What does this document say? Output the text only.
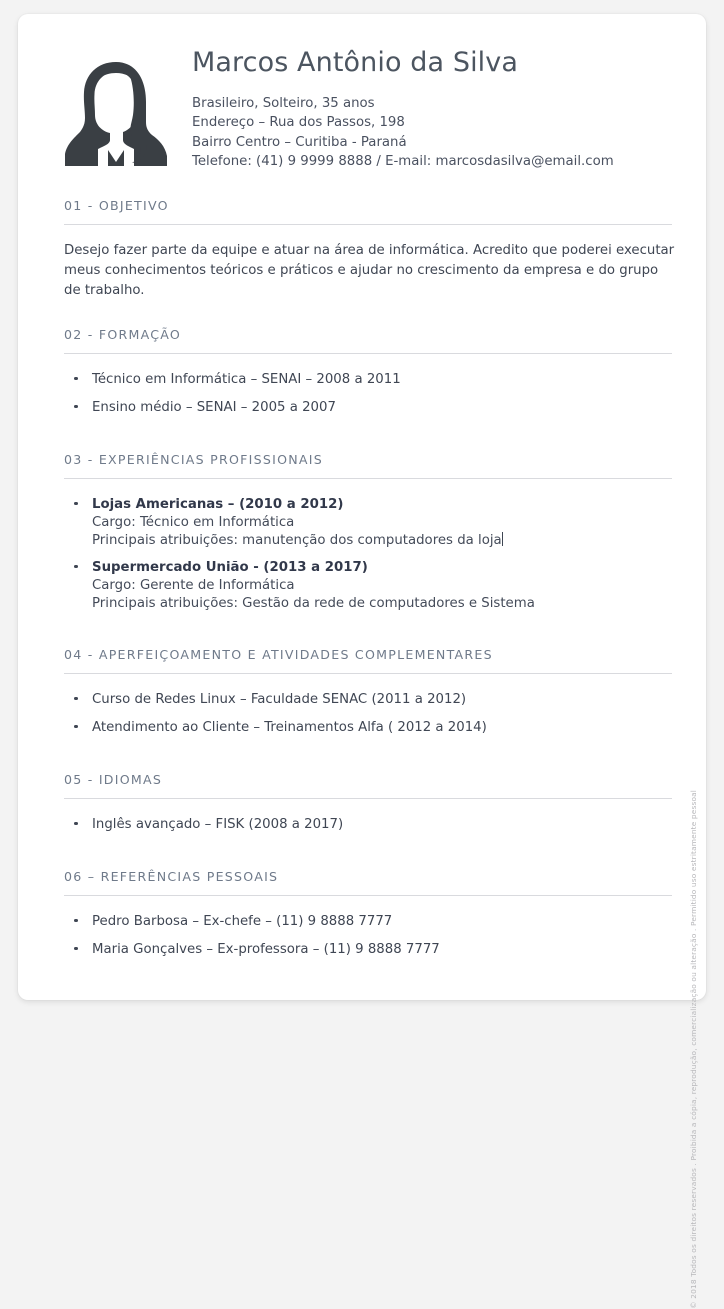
Marcos Antônio da Silva
Brasileiro, Solteiro, 35 anos
Endereço – Rua dos Passos, 198
Bairro Centro – Curitiba - Paraná
Telefone: (41) 9 9999 8888 / E-mail: marcosdasilva@email.com
01 - OBJETIVO

Desejo fazer parte da equipe e atuar na área de informática. Acredito que poderei executar meus conhecimentos teóricos e práticos e ajudar no crescimento da empresa e do grupo de trabalho.

02 - FORMAÇÃO
Técnico em Informática – SENAI – 2008 a 2011
Ensino médio – SENAI – 2005 a 2007
03 - EXPERIÊNCIAS PROFISSIONAIS
Lojas Americanas – (2010 a 2012)
Cargo: Técnico em Informática
Principais atribuições: manutenção dos computadores da loja
Supermercado União - (2013 a 2017)
Cargo: Gerente de Informática
Principais atribuições: Gestão da rede de computadores e Sistema
04 - APERFEIÇOAMENTO E ATIVIDADES COMPLEMENTARES
Curso de Redes Linux – Faculdade SENAC (2011 a 2012)
Atendimento ao Cliente – Treinamentos Alfa ( 2012 a 2014)
05 - IDIOMAS
Inglês avançado – FISK (2008 a 2017)
06 – REFERÊNCIAS PESSOAIS
Pedro Barbosa – Ex-chefe – (11) 9 8888 7777
Maria Gonçalves – Ex-professora – (11) 9 8888 7777	© 2018 Todos os direitos reservados . Proibida a cópia, reprodução, comercialização ou alteração . Permitido uso estritamente pessoal
